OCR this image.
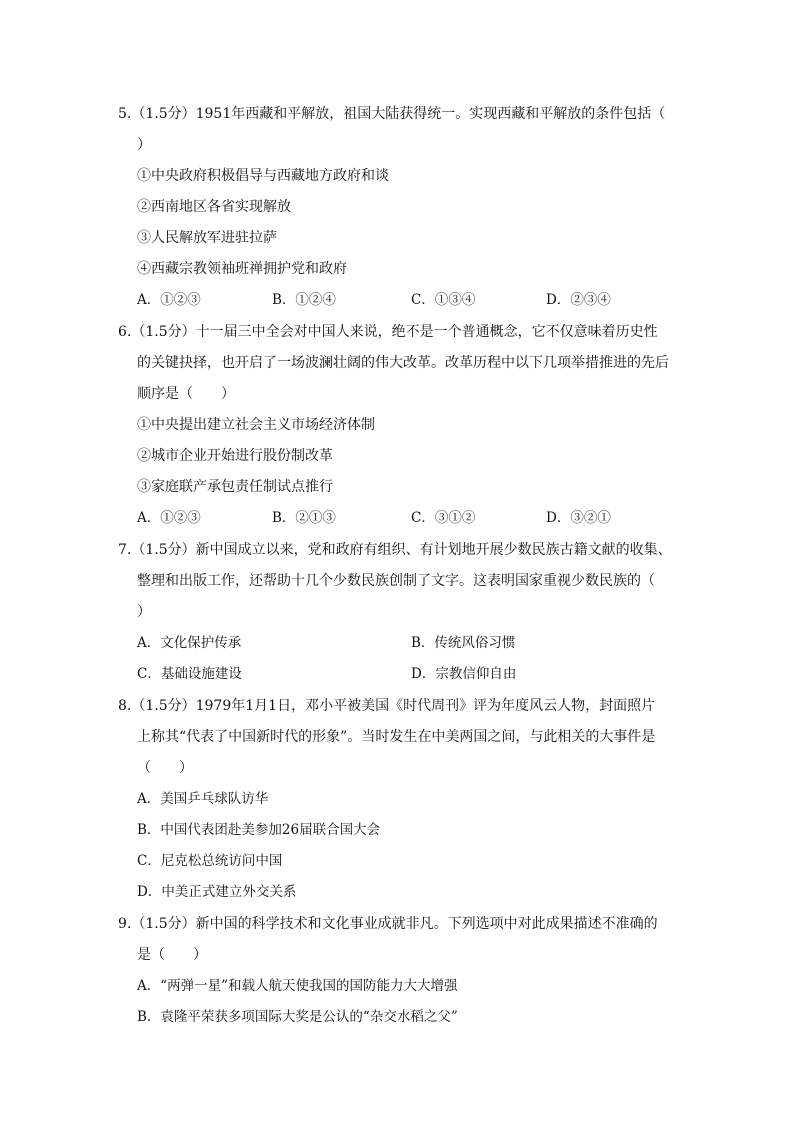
5.（1.5分）1951年西藏和平解放，祖国大陆获得统一。实现西藏和平解放的条件包括（
）
①中央政府积极倡导与西藏地方政府和谈
②西南地区各省实现解放
③人民解放军进驻拉萨
④西藏宗教领袖班禅拥护党和政府
A．①②③	B．①②④	C．①③④	D．②③④
6.（1.5分）十一届三中全会对中国人来说，绝不是一个普通概念，它不仅意味着历史性
的关键抉择，也开启了一场波澜壮阔的伟大改革。改革历程中以下几项举措推进的先后
顺序是（　　）
①中央提出建立社会主义市场经济体制
②城市企业开始进行股份制改革
③家庭联产承包责任制试点推行
A．①②③	B．②①③	C．③①②	D．③②①
7.（1.5分）新中国成立以来，党和政府有组织、有计划地开展少数民族古籍文献的收集、
整理和出版工作，还帮助十几个少数民族创制了文字。这表明国家重视少数民族的（
）
A．文化保护传承	B．传统风俗习惯
C．基础设施建设	D．宗教信仰自由
8.（1.5分）1979年1月1日，邓小平被美国《时代周刊》评为年度风云人物，封面照片
上称其“代表了中国新时代的形象”。当时发生在中美两国之间，与此相关的大事件是
（　　）
A．美国乒乓球队访华
B．中国代表团赴美参加26届联合国大会
C．尼克松总统访问中国
D．中美正式建立外交关系
9.（1.5分）新中国的科学技术和文化事业成就非凡。下列选项中对此成果描述不准确的
是（　　）
A．“两弹一星”和载人航天使我国的国防能力大大增强
B．袁隆平荣获多项国际大奖是公认的“杂交水稻之父”
